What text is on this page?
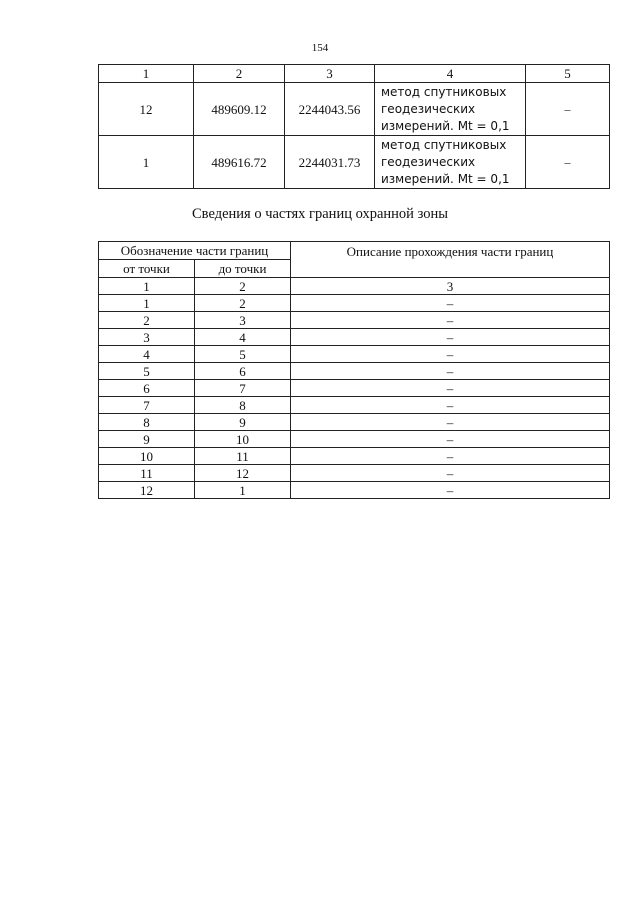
154
1	2	3	4	5
12	489609.12	2244043.56	метод спутниковых
геодезических
измерений. Mt = 0,1	–
1	489616.72	2244031.73	метод спутниковых
геодезических
измерений. Mt = 0,1	–
Сведения о частях границ охранной зоны
Обозначение части границ		Описание прохождения части границ
от точки	до точки	
1	2	3
1	2	–
2	3	–
3	4	–
4	5	–
5	6	–
6	7	–
7	8	–
8	9	–
9	10	–
10	11	–
11	12	–
12	1	–
